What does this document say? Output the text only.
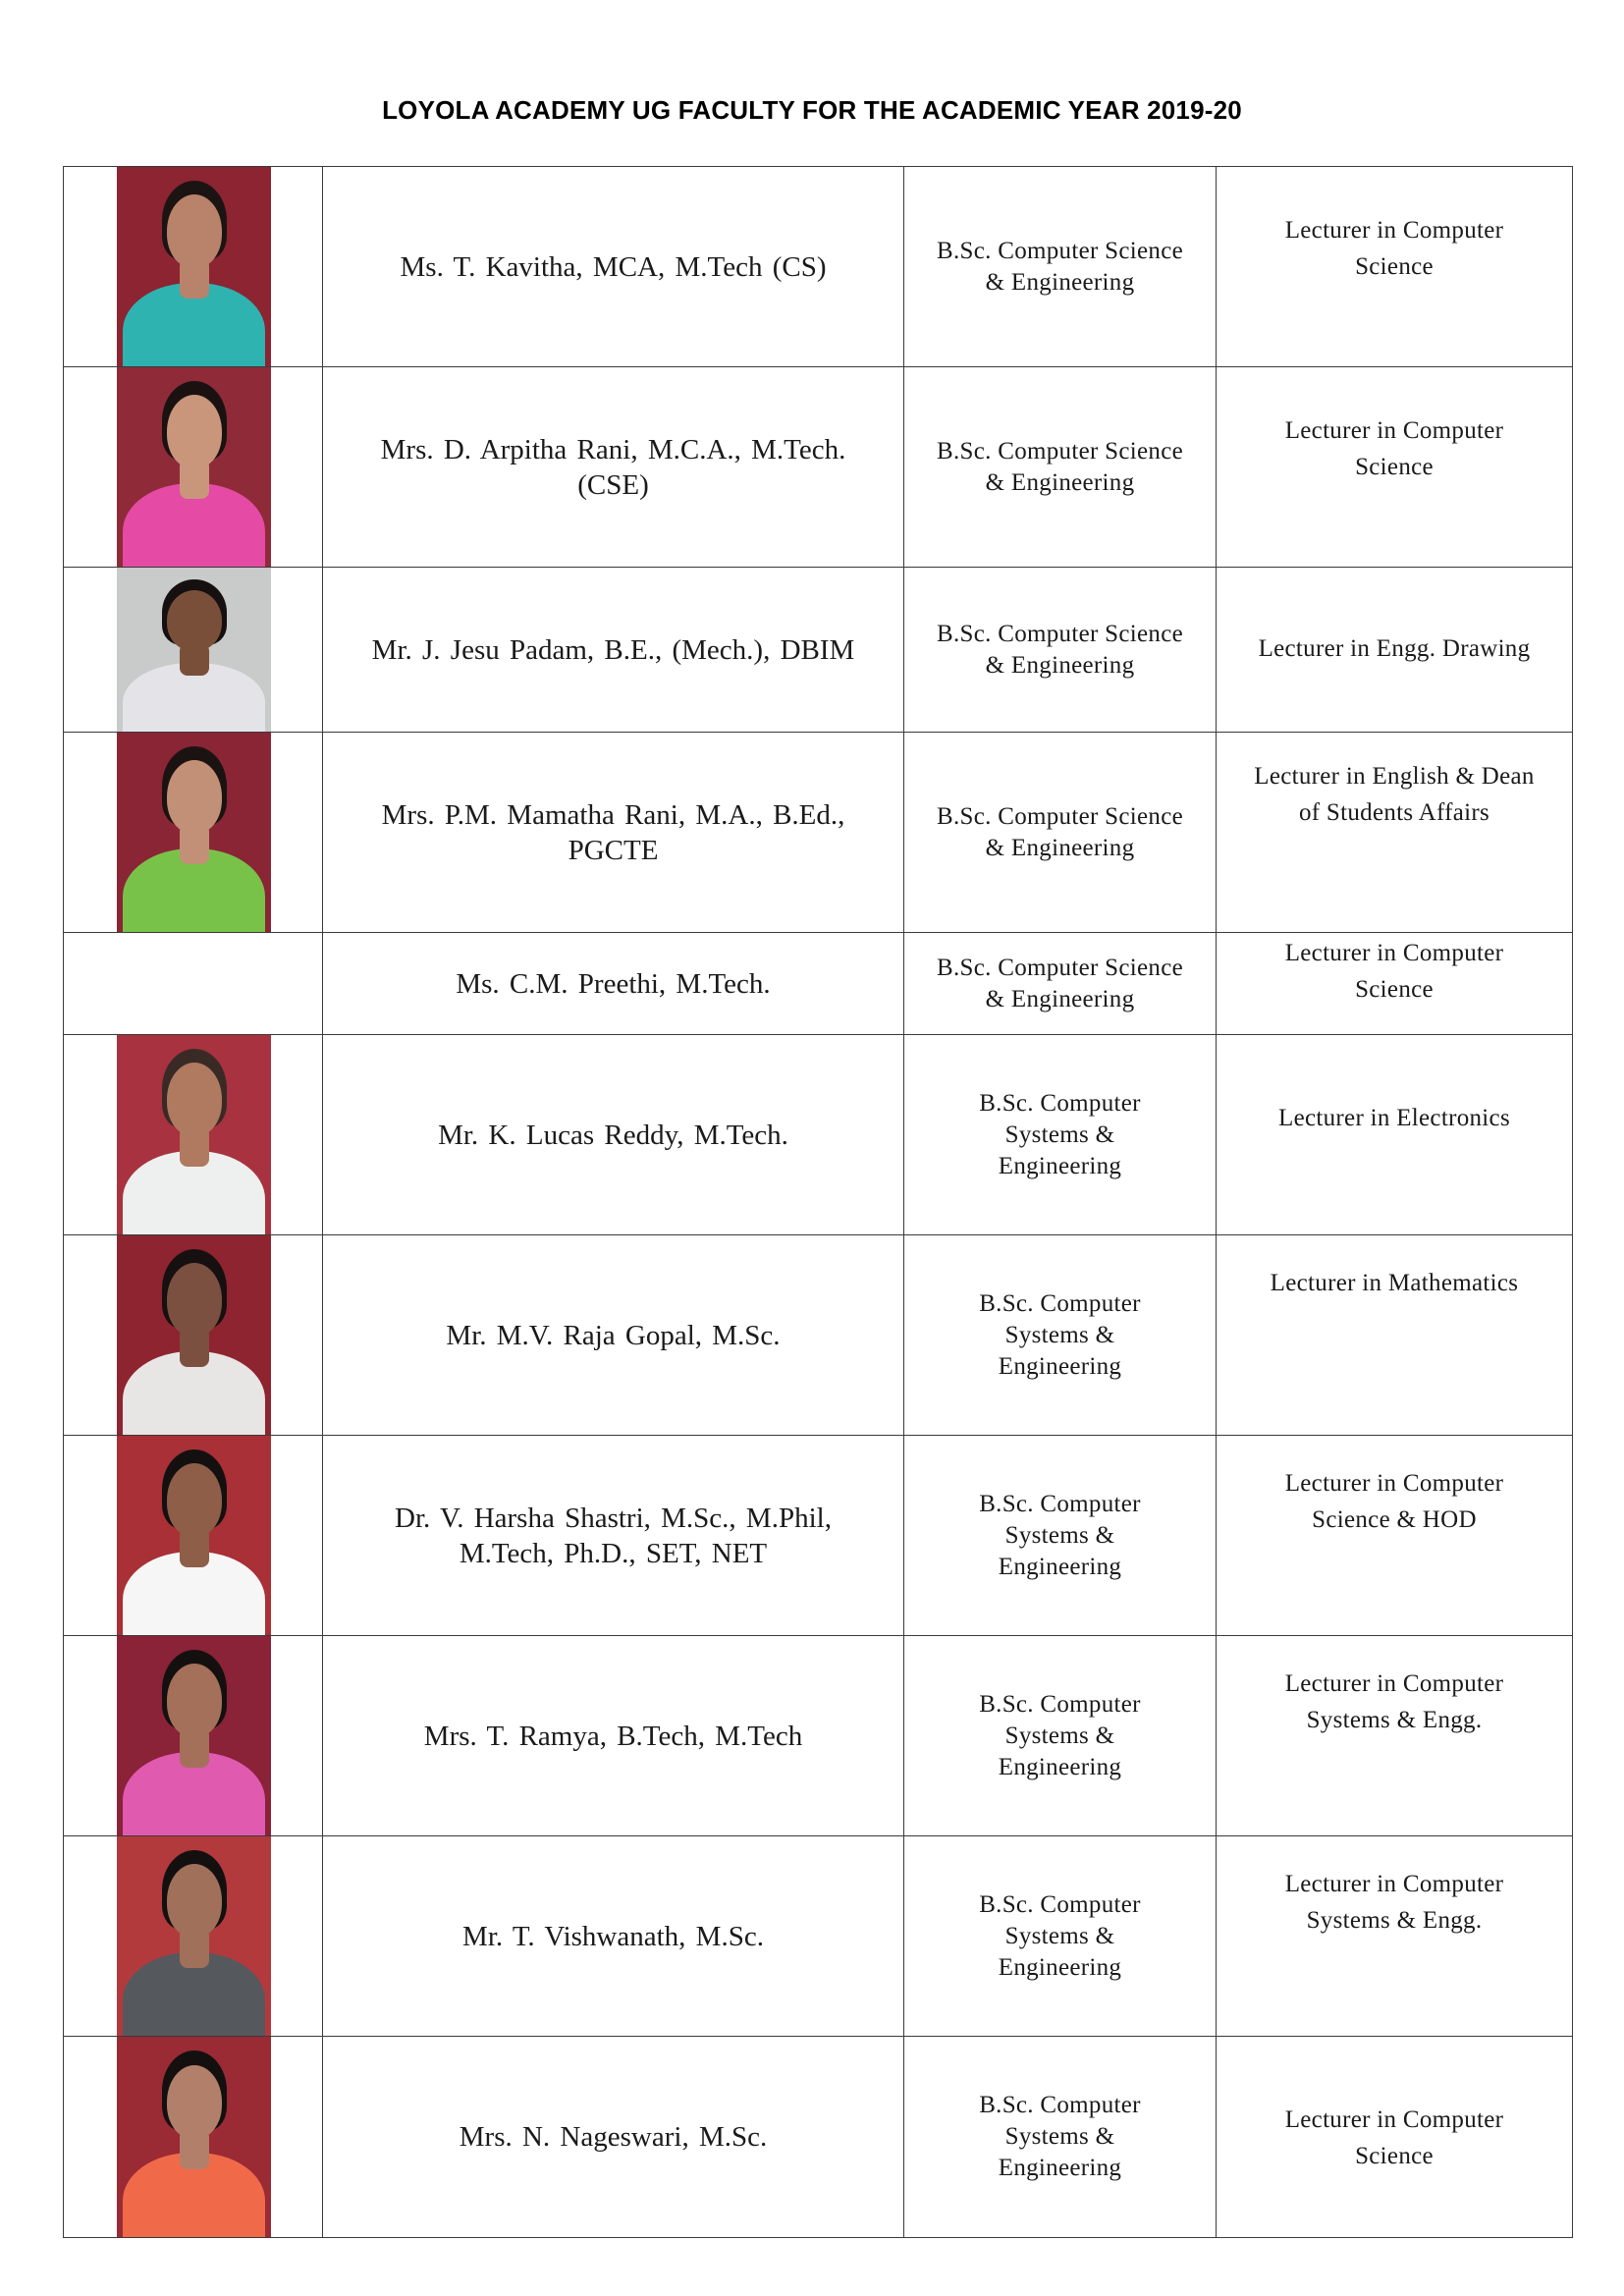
LOYOLA ACADEMY UG FACULTY FOR THE ACADEMIC YEAR 2019-20

	Ms. T. Kavitha, MCA, M.Tech (CS)	B.Sc. Computer Science
& Engineering	Lecturer in Computer
Science

	Mrs. D. Arpitha Rani, M.C.A., M.Tech.
(CSE)	B.Sc. Computer Science
& Engineering	Lecturer in Computer
Science

	Mr. J. Jesu Padam, B.E., (Mech.), DBIM	B.Sc. Computer Science
& Engineering	Lecturer in Engg. Drawing

	Mrs. P.M. Mamatha Rani, M.A., B.Ed.,
PGCTE	B.Sc. Computer Science
& Engineering	Lecturer in English & Dean
of Students Affairs

	Ms. C.M. Preethi, M.Tech.	B.Sc. Computer Science
& Engineering	Lecturer in Computer
Science

	Mr. K. Lucas Reddy, M.Tech.	B.Sc. Computer
Systems &
Engineering	Lecturer in Electronics

	Mr. M.V. Raja Gopal, M.Sc.	B.Sc. Computer
Systems &
Engineering	Lecturer in Mathematics

	Dr. V. Harsha Shastri, M.Sc., M.Phil,
M.Tech, Ph.D., SET, NET	B.Sc. Computer
Systems &
Engineering	Lecturer in Computer
Science & HOD

	Mrs. T. Ramya, B.Tech, M.Tech	B.Sc. Computer
Systems &
Engineering	Lecturer in Computer
Systems & Engg.

	Mr. T. Vishwanath, M.Sc.	B.Sc. Computer
Systems &
Engineering	Lecturer in Computer
Systems & Engg.

	Mrs. N. Nageswari, M.Sc.	B.Sc. Computer
Systems &
Engineering	Lecturer in Computer
Science
